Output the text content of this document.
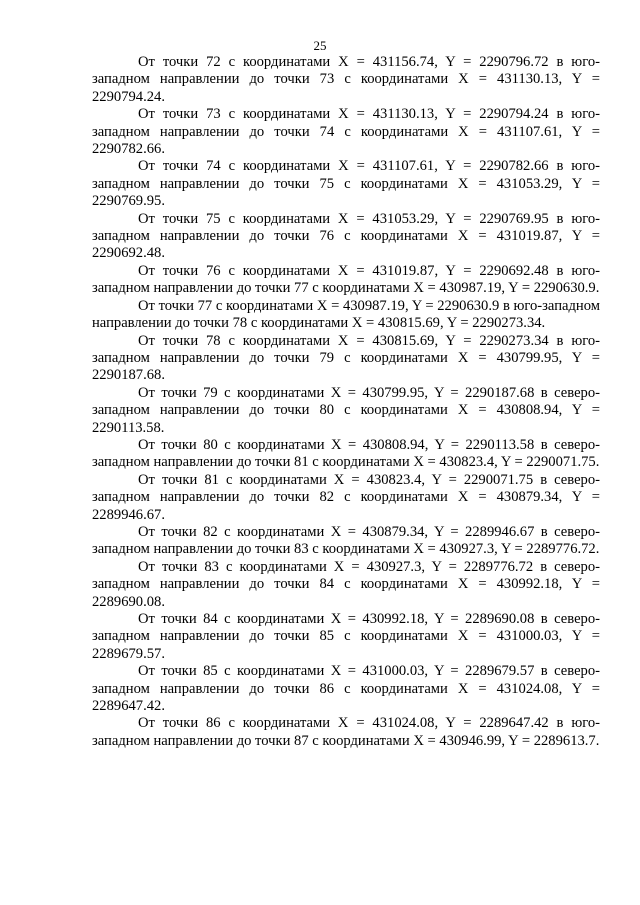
25

От точки 72 с координатами X = 431156.74, Y = 2290796.72 в юго-западном направлении до точки 73 с координатами X = 431130.13, Y = 2290794.24.

От точки 73 с координатами X = 431130.13, Y = 2290794.24 в юго-западном направлении до точки 74 с координатами X = 431107.61, Y = 2290782.66.

От точки 74 с координатами X = 431107.61, Y = 2290782.66 в юго-западном направлении до точки 75 с координатами X = 431053.29, Y = 2290769.95.

От точки 75 с координатами X = 431053.29, Y = 2290769.95 в юго-западном направлении до точки 76 с координатами X = 431019.87, Y = 2290692.48.

От точки 76 с координатами X = 431019.87, Y = 2290692.48 в юго-западном направлении до точки 77 с координатами X = 430987.19, Y = 2290630.9.

От точки 77 с координатами X = 430987.19, Y = 2290630.9 в юго-западном направлении до точки 78 с координатами X = 430815.69, Y = 2290273.34.

От точки 78 с координатами X = 430815.69, Y = 2290273.34 в юго-западном направлении до точки 79 с координатами X = 430799.95, Y = 2290187.68.

От точки 79 с координатами X = 430799.95, Y = 2290187.68 в северо-западном направлении до точки 80 с координатами X = 430808.94, Y = 2290113.58.

От точки 80 с координатами X = 430808.94, Y = 2290113.58 в северо-западном направлении до точки 81 с координатами X = 430823.4, Y = 2290071.75.

От точки 81 с координатами X = 430823.4, Y = 2290071.75 в северо-западном направлении до точки 82 с координатами X = 430879.34, Y = 2289946.67.

От точки 82 с координатами X = 430879.34, Y = 2289946.67 в северо-западном направлении до точки 83 с координатами X = 430927.3, Y = 2289776.72.

От точки 83 с координатами X = 430927.3, Y = 2289776.72 в северо-западном направлении до точки 84 с координатами X = 430992.18, Y = 2289690.08.

От точки 84 с координатами X = 430992.18, Y = 2289690.08 в северо-западном направлении до точки 85 с координатами X = 431000.03, Y = 2289679.57.

От точки 85 с координатами X = 431000.03, Y = 2289679.57 в северо-западном направлении до точки 86 с координатами X = 431024.08, Y = 2289647.42.

От точки 86 с координатами X = 431024.08, Y = 2289647.42 в юго-западном направлении до точки 87 с координатами X = 430946.99, Y = 2289613.7.
